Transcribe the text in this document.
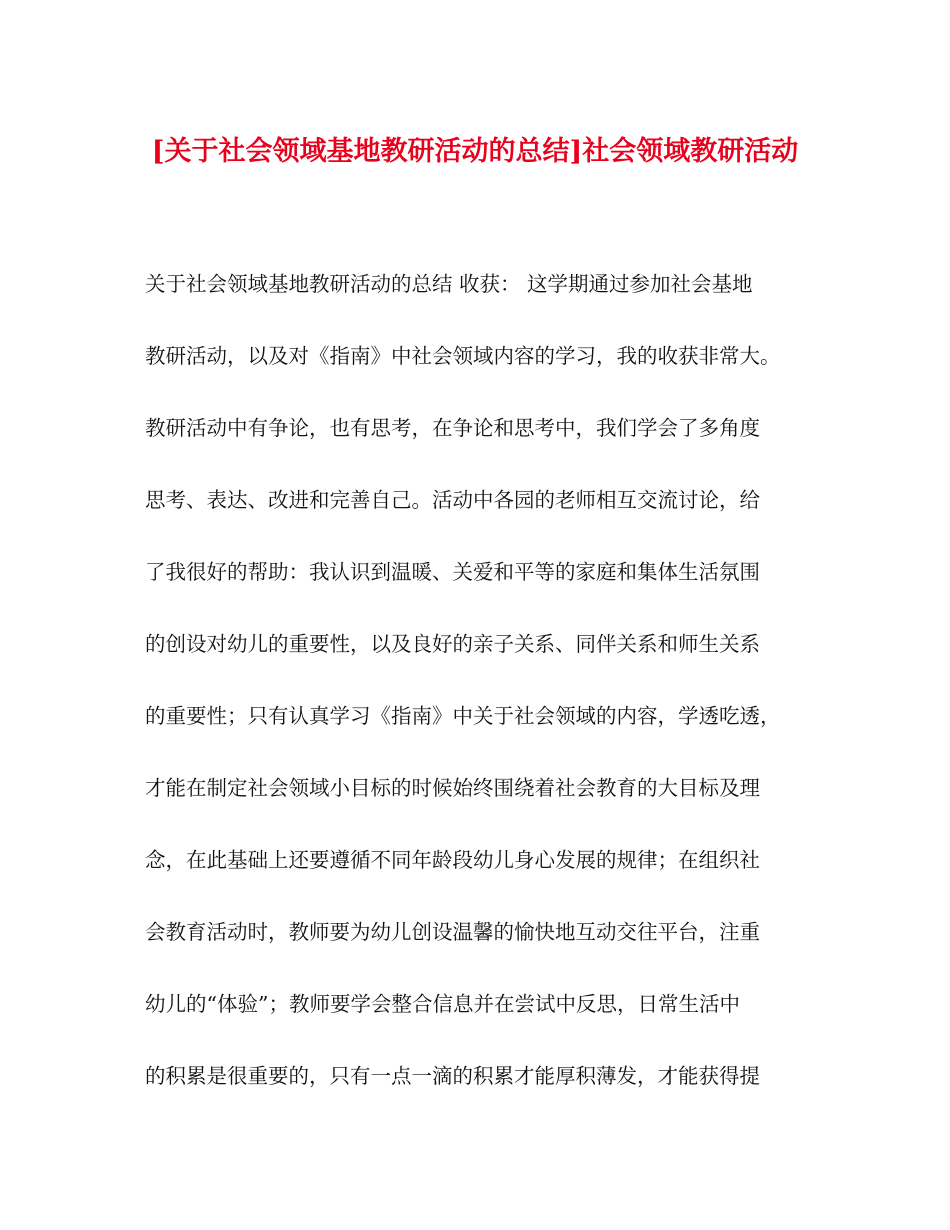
[关于社会领域基地教研活动的总结]社会领域教研活动

关于社会领域基地教研活动的总结 收获： 这学期通过参加社会基地

教研活动，以及对《指南》中社会领域内容的学习，我的收获非常大。

教研活动中有争论，也有思考，在争论和思考中，我们学会了多角度

思考、表达、改进和完善自己。活动中各园的老师相互交流讨论，给

了我很好的帮助：我认识到温暖、关爱和平等的家庭和集体生活氛围

的创设对幼儿的重要性，以及良好的亲子关系、同伴关系和师生关系

的重要性；只有认真学习《指南》中关于社会领域的内容，学透吃透，

才能在制定社会领域小目标的时候始终围绕着社会教育的大目标及理

念，在此基础上还要遵循不同年龄段幼儿身心发展的规律；在组织社

会教育活动时，教师要为幼儿创设温馨的愉快地互动交往平台，注重

幼儿的“体验”；教师要学会整合信息并在尝试中反思，日常生活中

的积累是很重要的，只有一点一滴的积累才能厚积薄发，才能获得提
